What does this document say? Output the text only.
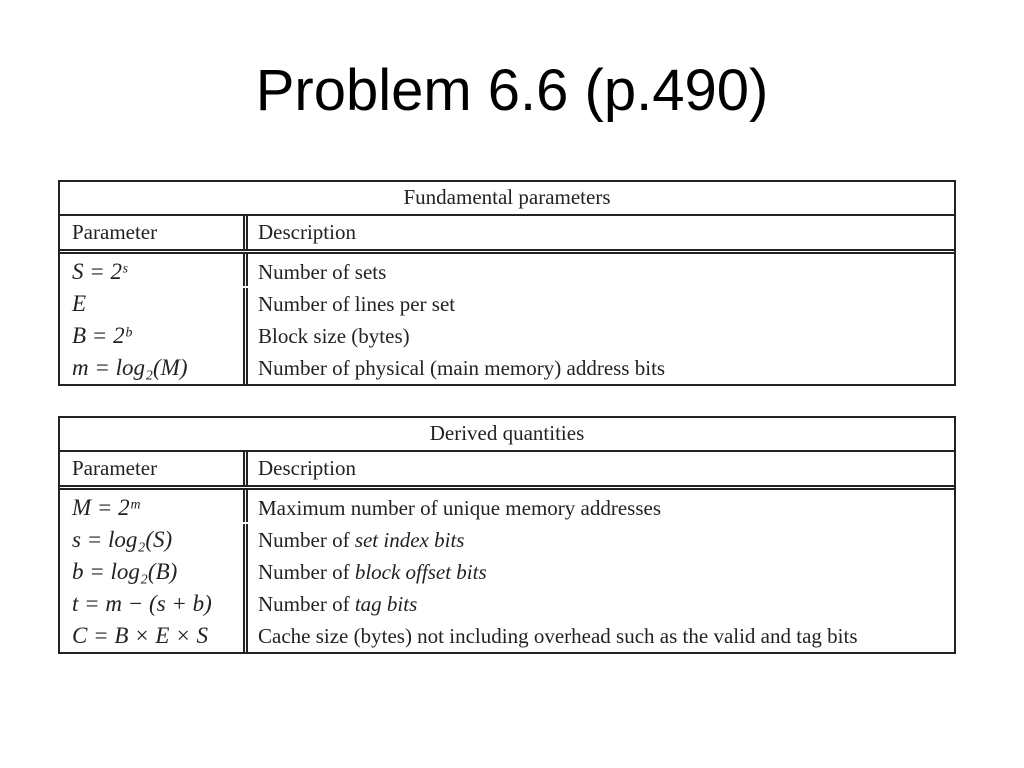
Problem 6.6 (p.490)
Fundamental parameters
Parameter	Description
S = 2ˢ	Number of sets
E	Number of lines per set
B = 2ᵇ	Block size (bytes)
m = log₂(M)	Number of physical (main memory) address bits
Derived quantities
Parameter	Description
M = 2ᵐ	Maximum number of unique memory addresses
s = log₂(S)	Number of set index bits
b = log₂(B)	Number of block offset bits
t = m − (s + b)	Number of tag bits
C = B × E × S	Cache size (bytes) not including overhead such as the valid and tag bits
